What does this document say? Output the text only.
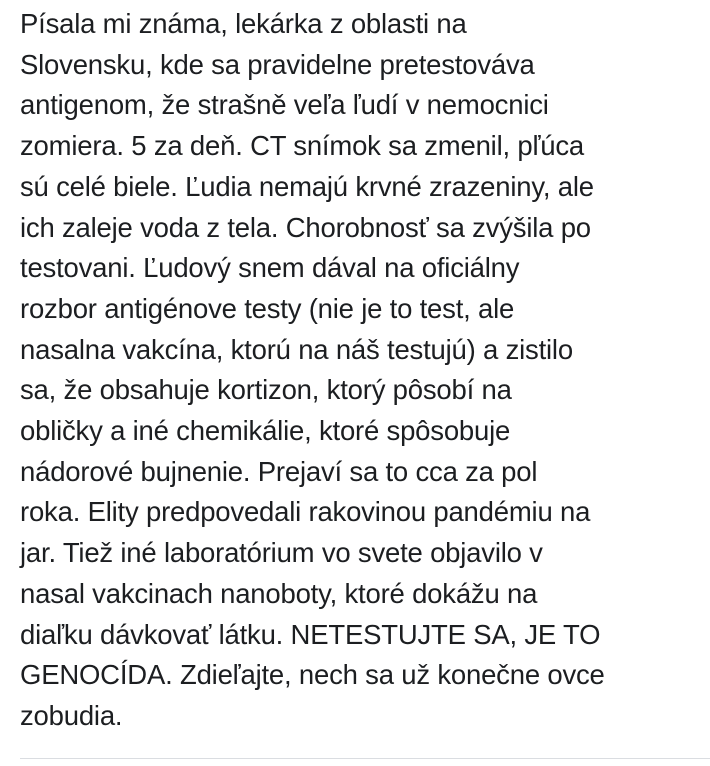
Písala mi známa, lekárka z oblasti na
Slovensku, kde sa pravidelne pretestováva
antigenom, že strašně veľa ľudí v nemocnici
zomiera. 5 za deň. CT snímok sa zmenil, pľúca
sú celé biele. Ľudia nemajú krvné zrazeniny, ale
ich zaleje voda z tela. Chorobnosť sa zvýšila po
testovani. Ľudový snem dával na oficiálny
rozbor antigénove testy (nie je to test, ale
nasalna vakcína, ktorú na náš testujú) a zistilo
sa, že obsahuje kortizon, ktorý pôsobí na
obličky a iné chemikálie, ktoré spôsobuje
nádorové bujnenie. Prejaví sa to cca za pol
roka. Elity predpovedali rakovinou pandémiu na
jar. Tiež iné laboratórium vo svete objavilo v
nasal vakcinach nanoboty, ktoré dokážu na
diaľku dávkovať látku. NETESTUJTE SA, JE TO
GENOCÍDA. Zdieľajte, nech sa už konečne ovce
zobudia.
